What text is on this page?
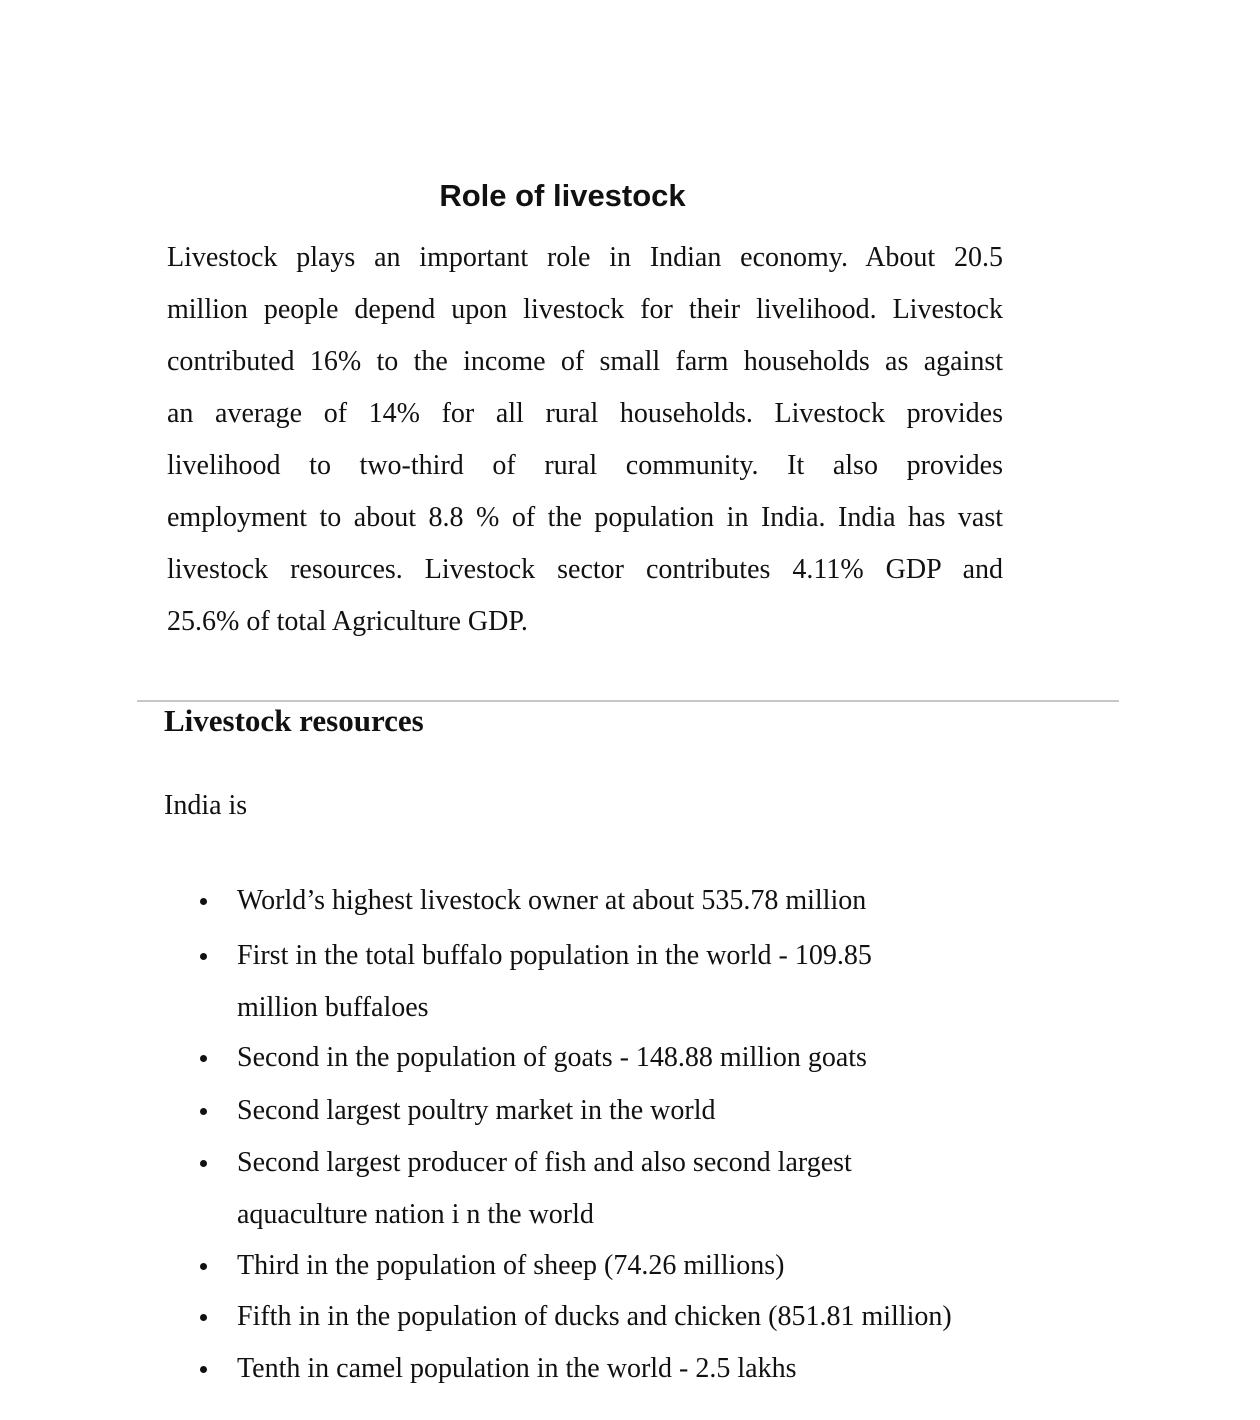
Role of livestock

Livestock plays an important role in Indian economy. About 20.5
million people depend upon livestock for their livelihood. Livestock
contributed 16% to the income of small farm households as against
an average of 14% for all rural households. Livestock provides
livelihood to two-third of rural community. It also provides
employment to about 8.8 % of the population in India. India has vast
livestock resources. Livestock sector contributes 4.11% GDP and
25.6% of total Agriculture GDP.

Livestock resources

India is

World’s highest livestock owner at about 535.78 million
First in the total buffalo population in the world - 109.85
million buffaloes
Second in the population of goats - 148.88 million goats
Second largest poultry market in the world
Second largest producer of fish and also second largest
aquaculture nation i n the world
Third in the population of sheep (74.26 millions)
Fifth in in the population of ducks and chicken (851.81 million)
Tenth in camel population in the world - 2.5 lakhs
